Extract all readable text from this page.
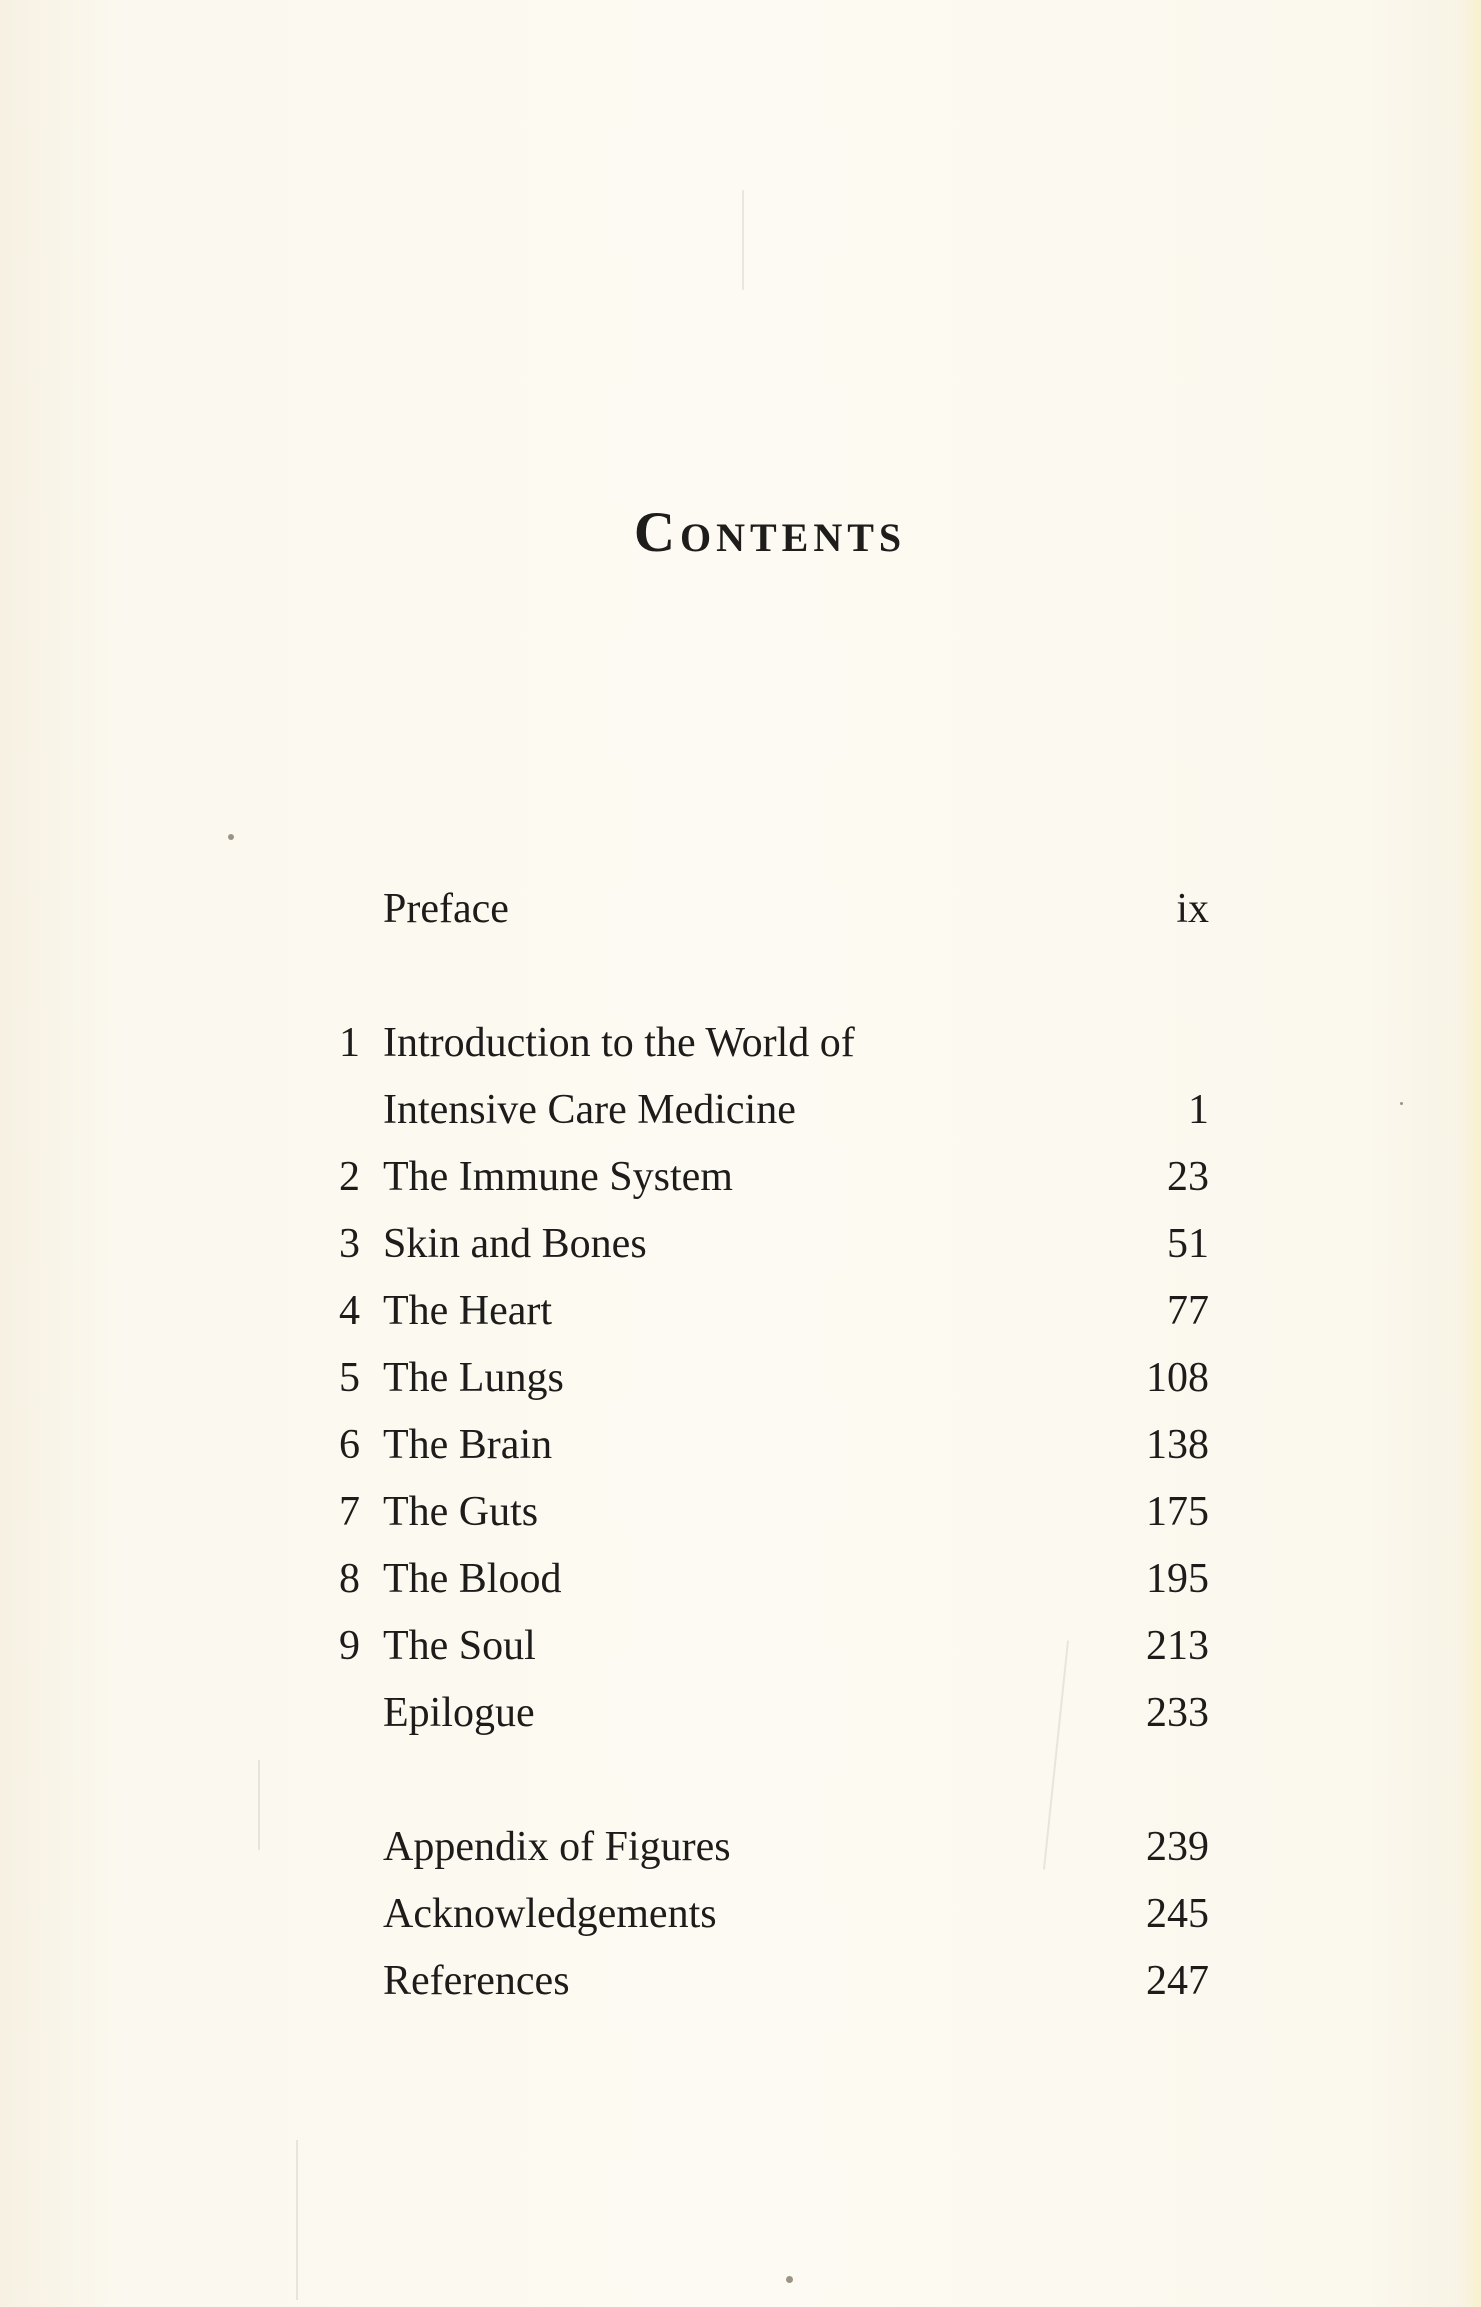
Contents
Preface	ix
1 Introduction to the World of
Intensive Care Medicine	1
2 The Immune System	23
3 Skin and Bones	51
4 The Heart	77
5 The Lungs	108
6 The Brain	138
7 The Guts	175
8 The Blood	195
9 The Soul	213
Epilogue	233
Appendix of Figures	239
Acknowledgements	245
References	247
